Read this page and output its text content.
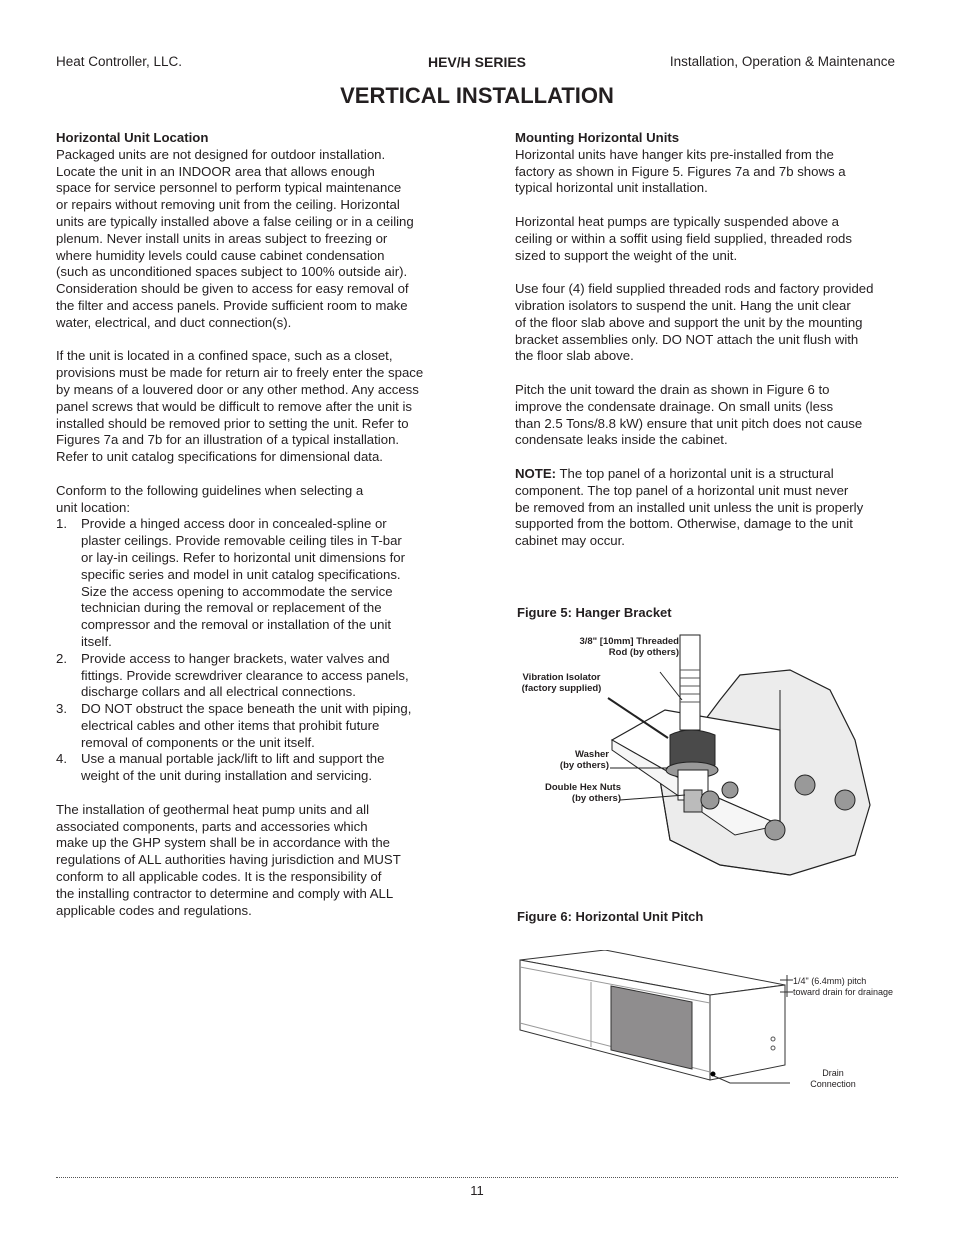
Heat Controller, LLC.	HEV/H SERIES	Installation, Operation & Maintenance
VERTICAL INSTALLATION
Horizontal Unit Location

Packaged units are not designed for outdoor installation.
Locate the unit in an INDOOR area that allows enough
space for service personnel to perform typical maintenance
or repairs without removing unit from the ceiling. Horizontal
units are typically installed above a false ceiling or in a ceiling
plenum. Never install units in areas subject to freezing or
where humidity levels could cause cabinet condensation
(such as unconditioned spaces subject to 100% outside air).
Consideration should be given to access for easy removal of
the filter and access panels. Provide sufficient room to make
water, electrical, and duct connection(s).

If the unit is located in a confined space, such as a closet,
provisions must be made for return air to freely enter the space
by means of a louvered door or any other method. Any access
panel screws that would be difficult to remove after the unit is
installed should be removed prior to setting the unit. Refer to
Figures 7a and 7b for an illustration of a typical installation.
Refer to unit catalog specifications for dimensional data.

Conform to the following guidelines when selecting a
unit location:

1.	Provide a hinged access door in concealed-spline or
plaster ceilings. Provide removable ceiling tiles in T-bar
or lay-in ceilings. Refer to horizontal unit dimensions for
specific series and model in unit catalog specifications.
Size the access opening to accommodate the service
technician during the removal or replacement of the
compressor and the removal or installation of the unit
itself.
2.	Provide access to hanger brackets, water valves and
fittings. Provide screwdriver clearance to access panels,
discharge collars and all electrical connections.
3.	DO NOT obstruct the space beneath the unit with piping,
electrical cables and other items that prohibit future
removal of components or the unit itself.
4.	Use a manual portable jack/lift to lift and support the
weight of the unit during installation and servicing.

The installation of geothermal heat pump units and all
associated components, parts and accessories which
make up the GHP system shall be in accordance with the
regulations of ALL authorities having jurisdiction and MUST
conform to all applicable codes. It is the responsibility of
the installing contractor to determine and comply with ALL
applicable codes and regulations.

Mounting Horizontal Units

Horizontal units have hanger kits pre-installed from the
factory as shown in Figure 5. Figures 7a and 7b shows a
typical horizontal unit installation.

Horizontal heat pumps are typically suspended above a
ceiling or within a soffit using field supplied, threaded rods
sized to support the weight of the unit.

Use four (4) field supplied threaded rods and factory provided
vibration isolators to suspend the unit. Hang the unit clear
of the floor slab above and support the unit by the mounting
bracket assemblies only. DO NOT attach the unit flush with
the floor slab above.

Pitch the unit toward the drain as shown in Figure 6 to
improve the condensate drainage. On small units (less
than 2.5 Tons/8.8 kW) ensure that unit pitch does not cause
condensate leaks inside the cabinet.

NOTE: The top panel of a horizontal unit is a structural
component. The top panel of a horizontal unit must never
be removed from an installed unit unless the unit is properly
supported from the bottom. Otherwise, damage to the unit
cabinet may occur.

Figure 5: Hanger Bracket
3/8" [10mm] Threaded
Rod (by others)
Vibration Isolator
(factory supplied)
Washer
(by others)
Double Hex Nuts
(by others)
Figure 6: Horizontal Unit Pitch
1/4" (6.4mm) pitch
toward drain for drainage
Drain
Connection
11
